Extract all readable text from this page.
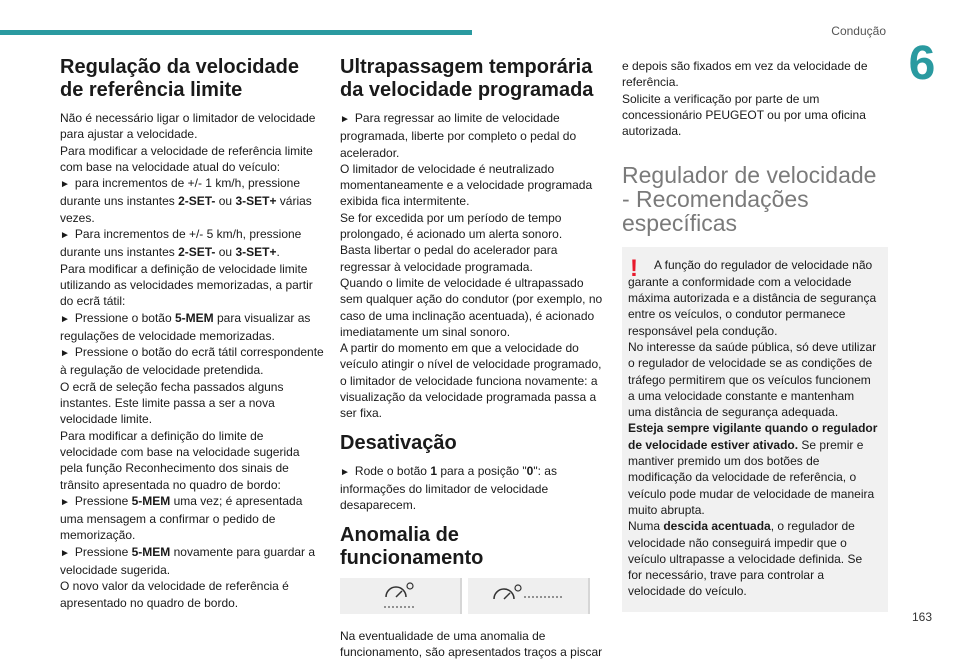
Condução
6
Regulação da velocidade de referência limite

Não é necessário ligar o limitador de velocidade para ajustar a velocidade.

Para modificar a velocidade de referência limite com base na velocidade atual do veículo:

► para incrementos de +/- 1 km/h, pressione durante uns instantes 2-SET- ou 3-SET+ várias vezes.

► Para incrementos de +/- 5 km/h, pressione durante uns instantes 2-SET- ou 3-SET+.

Para modificar a definição de velocidade limite utilizando as velocidades memorizadas, a partir do ecrã tátil:

► Pressione o botão 5-MEM para visualizar as regulações de velocidade memorizadas.

► Pressione o botão do ecrã tátil correspondente à regulação de velocidade pretendida.

O ecrã de seleção fecha passados alguns instantes. Este limite passa a ser a nova velocidade limite.

Para modificar a definição do limite de velocidade com base na velocidade sugerida pela função Reconhecimento dos sinais de trânsito apresentada no quadro de bordo:

► Pressione 5-MEM uma vez; é apresentada uma mensagem a confirmar o pedido de memorização.

► Pressione 5-MEM novamente para guardar a velocidade sugerida.

O novo valor da velocidade de referência é apresentado no quadro de bordo.

Ultrapassagem temporária da velocidade programada

► Para regressar ao limite de velocidade programada, liberte por completo o pedal do acelerador.

O limitador de velocidade é neutralizado momentaneamente e a velocidade programada exibida fica intermitente.

Se for excedida por um período de tempo prolongado, é acionado um alerta sonoro.

Basta libertar o pedal do acelerador para regressar à velocidade programada.

Quando o limite de velocidade é ultrapassado sem qualquer ação do condutor (por exemplo, no caso de uma inclinação acentuada), é acionado imediatamente um sinal sonoro.

A partir do momento em que a velocidade do veículo atingir o nível de velocidade programado, o limitador de velocidade funciona novamente: a visualização da velocidade programada passa a ser fixa.

Desativação

► Rode o botão 1 para a posição "0": as informações do limitador de velocidade desaparecem.

Anomalia de funcionamento

Na eventualidade de uma anomalia de funcionamento, são apresentados traços a piscar

e depois são fixados em vez da velocidade de referência.

Solicite a verificação por parte de um concessionário PEUGEOT ou por uma oficina autorizada.

Regulador de velocidade - Recomendações específicas
!	A função do regulador de velocidade não garante a conformidade com a velocidade máxima autorizada e a distância de segurança entre os veículos, o condutor permanece responsável pela condução.

No interesse da saúde pública, só deve utilizar o regulador de velocidade se as condições de tráfego permitirem que os veículos funcionem a uma velocidade constante e mantenham uma distância de segurança adequada.

Esteja sempre vigilante quando o regulador de velocidade estiver ativado. Se premir e mantiver premido um dos botões de modificação da velocidade de referência, o veículo pode mudar de velocidade de maneira muito abrupta.

Numa descida acentuada, o regulador de velocidade não conseguirá impedir que o veículo ultrapasse a velocidade definida. Se for necessário, trave para controlar a velocidade do veículo.

163
